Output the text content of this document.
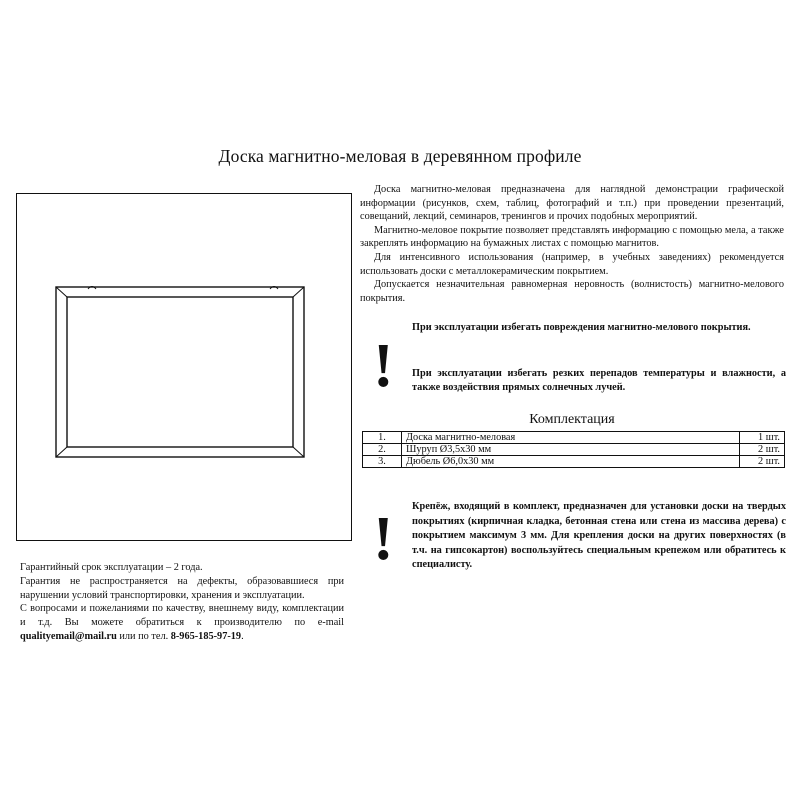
Доска магнитно-меловая в деревянном профиле

Доска магнитно-меловая предназначена для наглядной демонстрации графической информации (рисунков, схем, таблиц, фотографий и т.п.) при проведении презентаций, совещаний, лекций, семинаров, тренингов и прочих подобных мероприятий.

Магнитно-меловое покрытие позволяет представлять информацию с помощью мела, а также закреплять информацию на бумажных листах с помощью магнитов.

Для интенсивного использования (например, в учебных заведениях) рекомендуется использовать доски с металлокерамическим покрытием.

Допускается незначительная равномерная неровность (волнистость) магнитно-мелового покрытия.

!
При эксплуатации избегать повреждения магнитно-мелового покрытия.
При эксплуатации избегать резких перепадов температуры и влажности, а также воздействия прямых солнечных лучей.
Комплектация
1.	Доска магнитно-меловая	1 шт.
2.	Шуруп Ø3,5х30 мм	2 шт.
3.	Дюбель Ø6,0х30 мм	2 шт.
! Крепёж, входящий в комплект, предназначен для установки доски на твердых покрытиях (кирпичная кладка, бетонная стена или стена из массива дерева) с покрытием максимум 3 мм. Для крепления доски на других поверхностях (в т.ч. на гипсокартон) воспользуйтесь специальным крепежом или обратитесь к специалисту.

Гарантийный срок эксплуатации – 2 года.

Гарантия не распространяется на дефекты, образовавшиеся при нарушении условий транспортировки, хранения и эксплуатации.

С вопросами и пожеланиями по качеству, внешнему виду, комплектации и т.д. Вы можете обратиться к производителю по e-mail qualityemail@mail.ru или по тел. 8-965-185-97-19.
